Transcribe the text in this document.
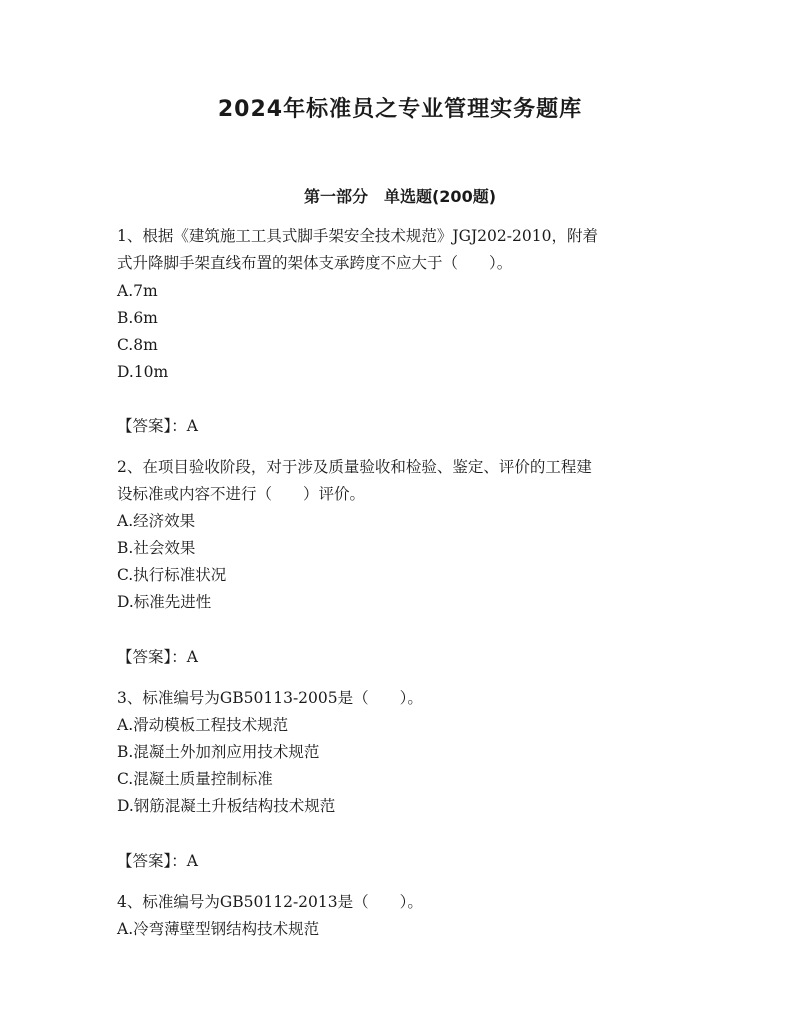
2024年标准员之专业管理实务题库
第一部分　单选题(200题)
1、根据《建筑施工工具式脚手架安全技术规范》JGJ202-2010，附着
式升降脚手架直线布置的架体支承跨度不应大于（　　）。
A.7m
B.6m
C.8m
D.10m
【答案】：A
2、在项目验收阶段，对于涉及质量验收和检验、鉴定、评价的工程建
设标准或内容不进行（　　）评价。
A.经济效果
B.社会效果
C.执行标准状况
D.标准先进性
【答案】：A
3、标准编号为GB50113-2005是（　　）。
A.滑动模板工程技术规范
B.混凝土外加剂应用技术规范
C.混凝土质量控制标准
D.钢筋混凝土升板结构技术规范
【答案】：A
4、标准编号为GB50112-2013是（　　）。
A.冷弯薄壁型钢结构技术规范
